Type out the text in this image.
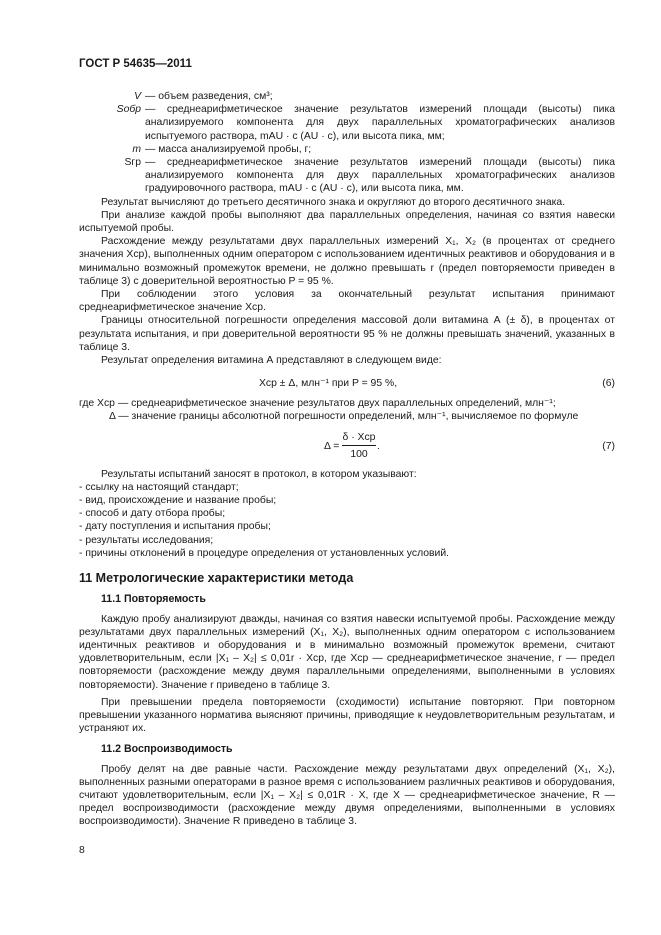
ГОСТ Р 54635—2011
V — объем разведения, см³;
Sобр — среднеарифметическое значение результатов измерений площади (высоты) пика анализируемого компонента для двух параллельных хроматографических анализов испытуемого раствора, mAU · с (AU · с), или высота пика, мм;
m — масса анализируемой пробы, г;
Sгр — среднеарифметическое значение результатов измерений площади (высоты) пика анализируемого компонента для двух параллельных хроматографических анализов градуировочного раствора, mAU · с (AU · с), или высота пика, мм.

Результат вычисляют до третьего десятичного знака и округляют до второго десятичного знака.

При анализе каждой пробы выполняют два параллельных определения, начиная со взятия навески испытуемой пробы.

Расхождение между результатами двух параллельных измерений X₁, X₂ (в процентах от среднего значения Xср), выполненных одним оператором с использованием идентичных реактивов и оборудования и в минимально возможный промежуток времени, не должно превышать r (предел повторяемости приведен в таблице 3) с доверительной вероятностью P = 95 %.

При соблюдении этого условия за окончательный результат испытания принимают среднеарифметическое значение Xср.

Границы относительной погрешности определения массовой доли витамина А (± δ), в процентах от результата испытания, и при доверительной вероятности 95 % не должны превышать значений, указанных в таблице 3.

Результат определения витамина А представляют в следующем виде:

Xср ± Δ, млн⁻¹ при P = 95 %,	(6)

где Xср — среднеарифметическое значение результатов двух параллельных определений, млн⁻¹;

Δ — значение границы абсолютной погрешности определений, млн⁻¹, вычисляемое по формуле

Δ =
δ · Xср
100
.	(7)

Результаты испытаний заносят в протокол, в котором указывают:

- ссылку на настоящий стандарт;

- вид, происхождение и название пробы;

- способ и дату отбора пробы;

- дату поступления и испытания пробы;

- результаты исследования;

- причины отклонений в процедуре определения от установленных условий.

11 Метрологические характеристики метода
11.1 Повторяемость

Каждую пробу анализируют дважды, начиная со взятия навески испытуемой пробы. Расхождение между результатами двух параллельных измерений (X₁, X₂), выполненных одним оператором с использованием идентичных реактивов и оборудования и в минимально возможный промежуток времени, считают удовлетворительным, если |X₁ – X₂| ≤ 0,01r · Xср, где Xср — среднеарифметическое значение, r — предел повторяемости (расхождение между двумя параллельными определениями, выполненными в условиях повторяемости). Значение r приведено в таблице 3.

При превышении предела повторяемости (сходимости) испытание повторяют. При повторном превышении указанного норматива выясняют причины, приводящие к неудовлетворительным результатам, и устраняют их.

11.2 Воспроизводимость

Пробу делят на две равные части. Расхождение между результатами двух определений (X₁, X₂), выполненных разными операторами в разное время с использованием различных реактивов и оборудования, считают удовлетворительным, если |X₁ – X₂| ≤ 0,01R · X, где X — среднеарифметическое значение, R — предел воспроизводимости (расхождение между двумя определениями, выполненными в условиях воспроизводимости). Значение R приведено в таблице 3.

8
